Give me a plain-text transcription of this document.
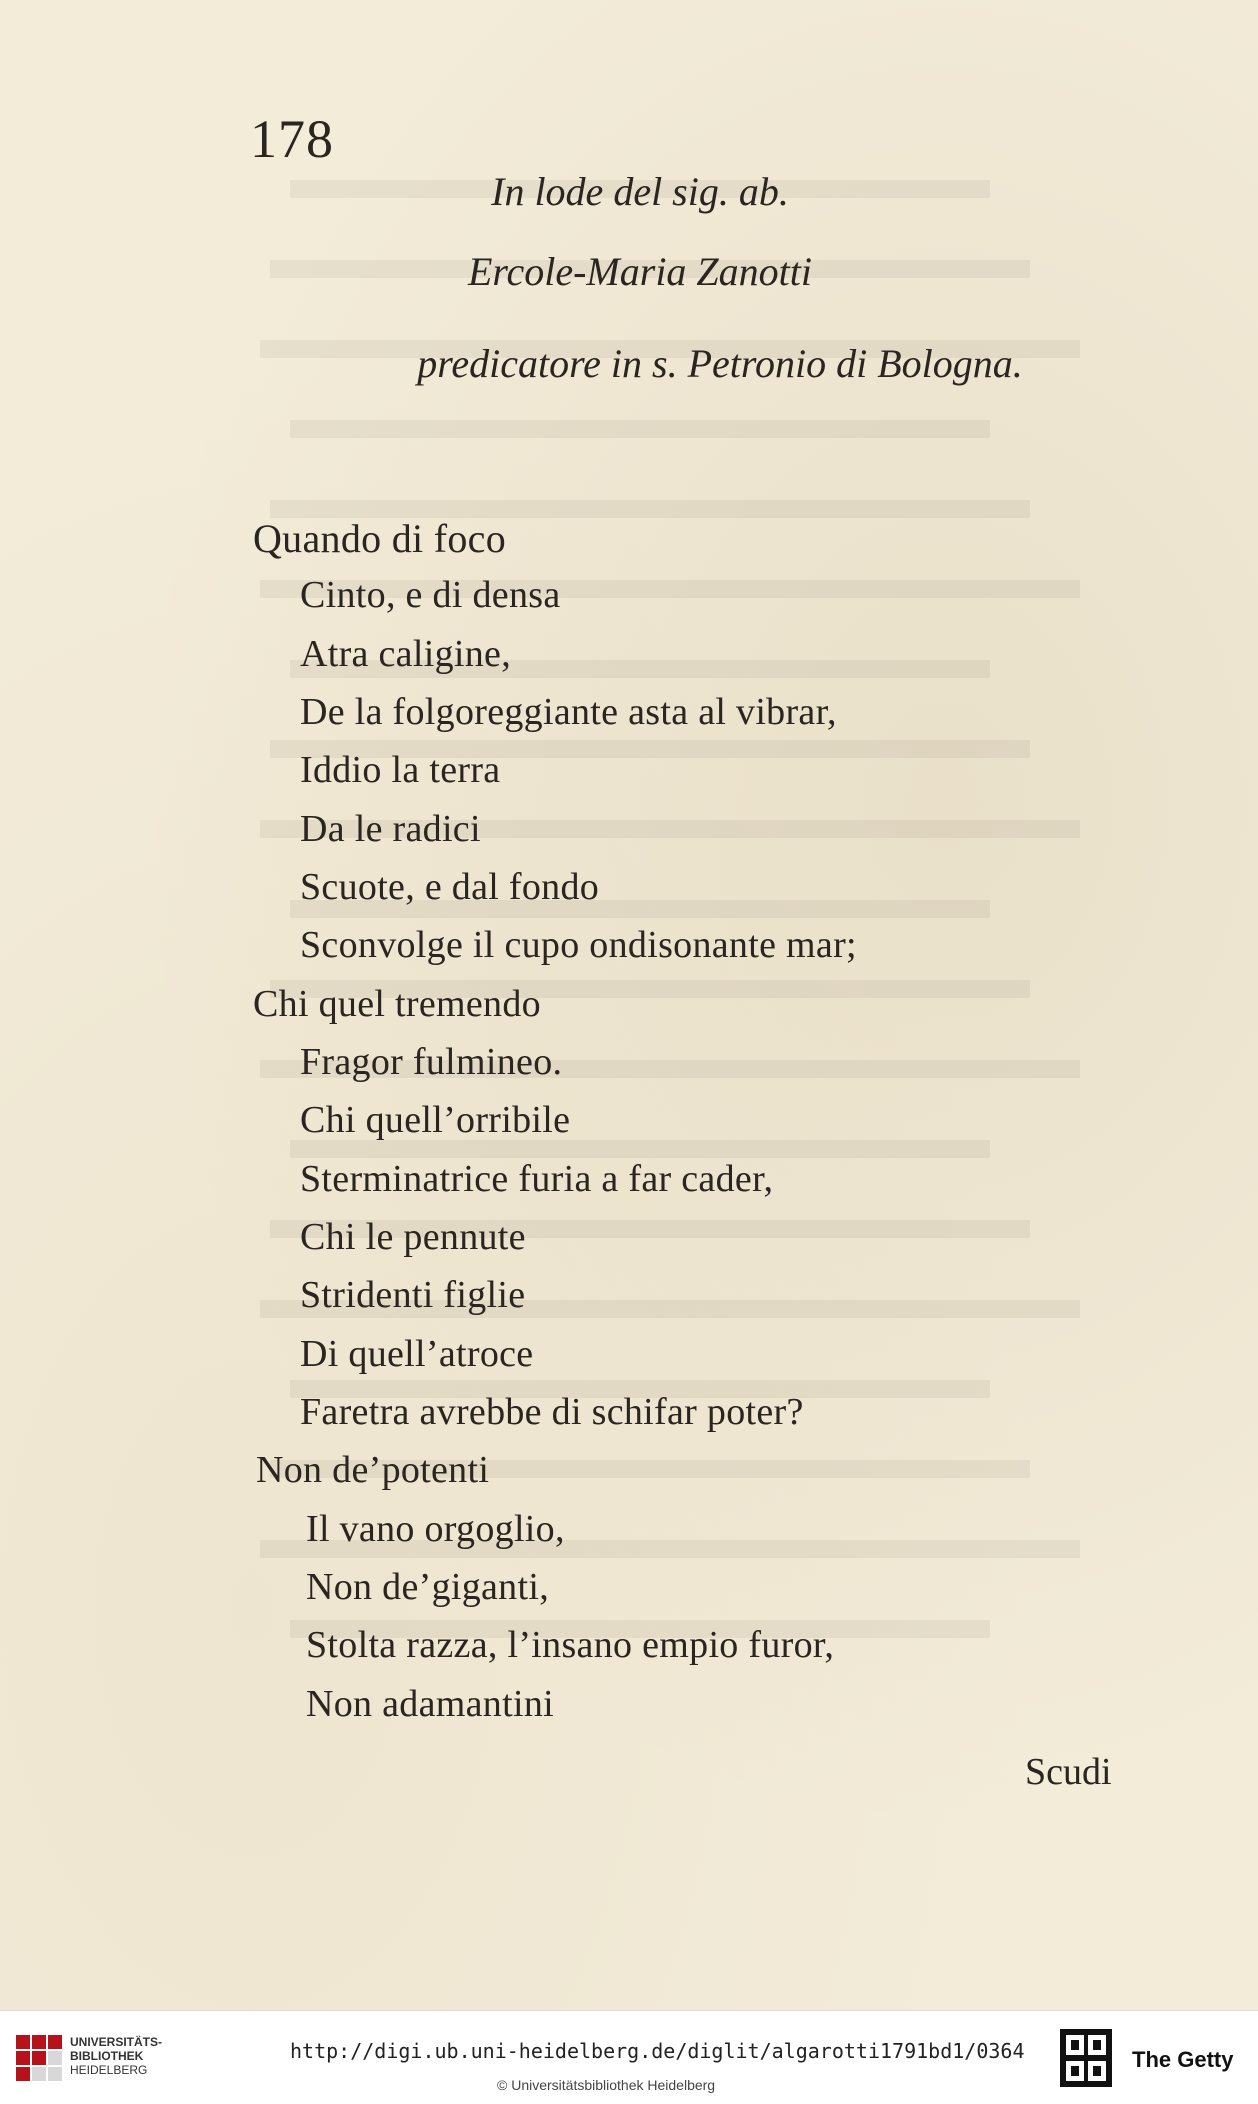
178
In lode del sig. ab.
Ercole-Maria Zanotti
predicatore in s. Petronio di Bologna.
Quando di foco
Cinto, e di densa
Atra caligine,
De la folgoreggiante asta al vibrar,
Iddio la terra
Da le radici
Scuote, e dal fondo
Sconvolge il cupo ondisonante mar;
Chi quel tremendo
Fragor fulmineo.
Chi quell’orribile
Sterminatrice furia a far cader,
Chi le pennute
Stridenti figlie
Di quell’atroce
Faretra avrebbe di schifar poter?
Non de’potenti
Il vano orgoglio,
Non de’giganti,
Stolta razza, l’insano empio furor,
Non adamantini
Scudi
UNIVERSITÄTS-
BIBLIOTHEK
HEIDELBERG
http://digi.ub.uni-heidelberg.de/diglit/algarotti1791bd1/0364
© Universitätsbibliothek Heidelberg
The Getty
